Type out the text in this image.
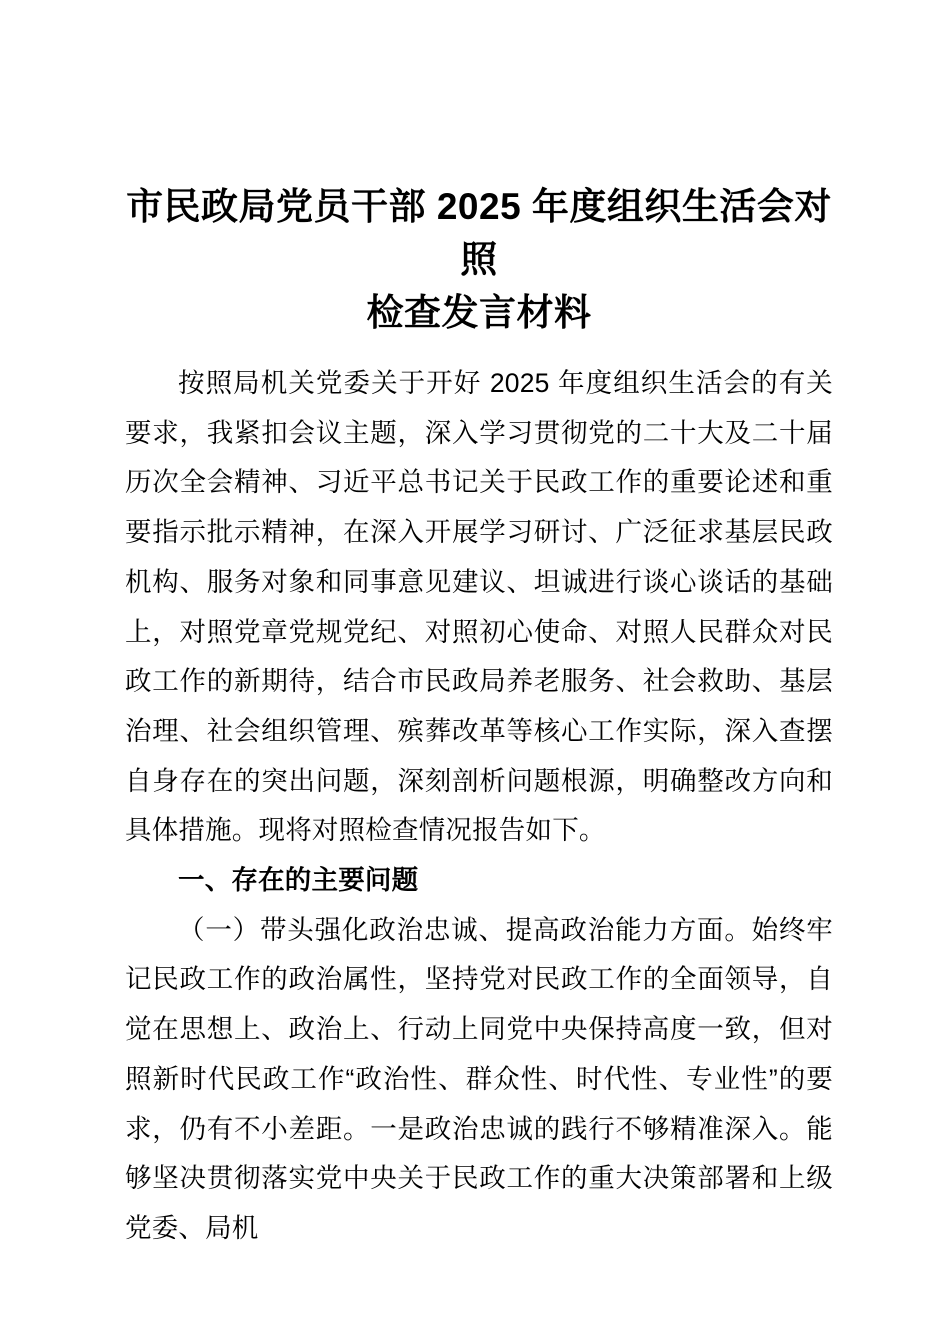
市民政局党员干部 2025 年度组织生活会对照
检查发言材料

按照局机关党委关于开好 2025 年度组织生活会的有关要求，我紧扣会议主题，深入学习贯彻党的二十大及二十届历次全会精神、习近平总书记关于民政工作的重要论述和重要指示批示精神，在深入开展学习研讨、广泛征求基层民政机构、服务对象和同事意见建议、坦诚进行谈心谈话的基础上，对照党章党规党纪、对照初心使命、对照人民群众对民政工作的新期待，结合市民政局养老服务、社会救助、基层治理、社会组织管理、殡葬改革等核心工作实际，深入查摆自身存在的突出问题，深刻剖析问题根源，明确整改方向和具体措施。现将对照检查情况报告如下。

一、存在的主要问题

（一）带头强化政治忠诚、提高政治能力方面。始终牢记民政工作的政治属性，坚持党对民政工作的全面领导，自觉在思想上、政治上、行动上同党中央保持高度一致，但对照新时代民政工作“政治性、群众性、时代性、专业性”的要求，仍有不小差距。一是政治忠诚的践行不够精准深入。能够坚决贯彻落实党中央关于民政工作的重大决策部署和上级党委、局机
